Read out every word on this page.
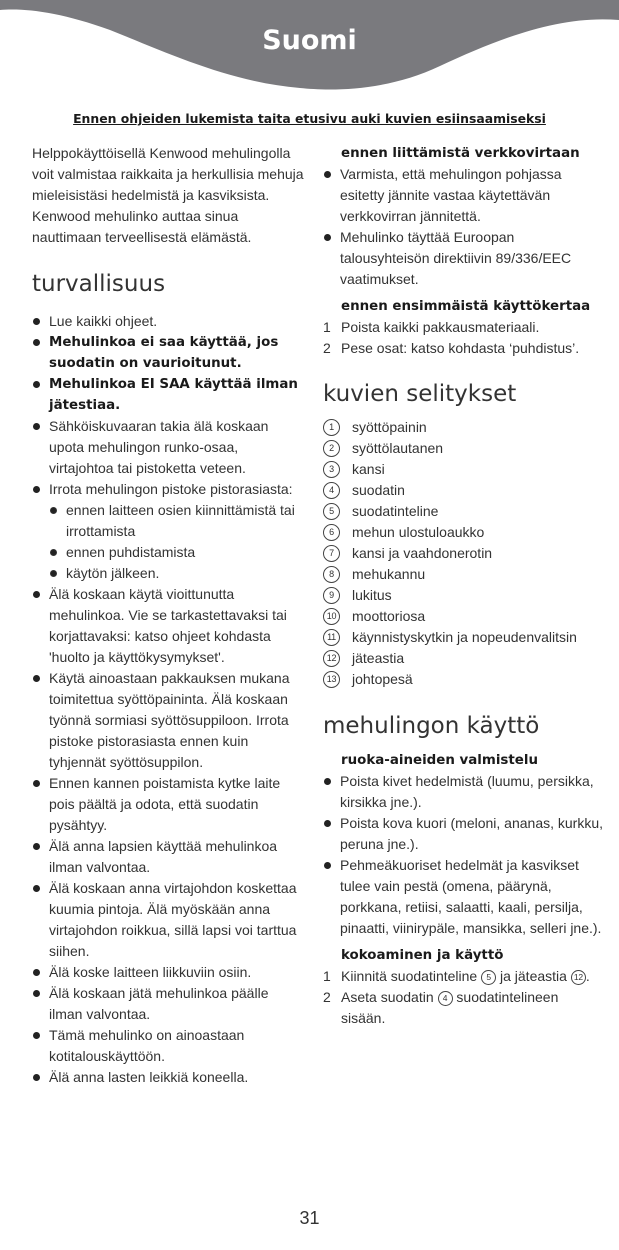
Suomi
Ennen ohjeiden lukemista taita etusivu auki kuvien esiinsaamiseksi

Helppokäyttöisellä Kenwood mehulingolla voit valmistaa raikkaita ja herkullisia mehuja mieleisistäsi hedelmistä ja kasviksista. Kenwood mehulinko auttaa sinua nauttimaan terveellisestä elämästä.

turvallisuus
Lue kaikki ohjeet.
Mehulinkoa ei saa käyttää, jos suodatin on vaurioitunut.
Mehulinkoa EI SAA käyttää ilman jätestiaa.
Sähköiskuvaaran takia älä koskaan upota mehulingon runko-osaa, virtajohtoa tai pistoketta veteen.
Irrota mehulingon pistoke pistorasiasta:
ennen laitteen osien kiinnittämistä tai irrottamista
ennen puhdistamista
käytön jälkeen.
Älä koskaan käytä vioittunutta mehulinkoa. Vie se tarkastettavaksi tai korjattavaksi: katso ohjeet kohdasta 'huolto ja käyttökysymykset'.
Käytä ainoastaan pakkauksen mukana toimitettua syöttöpaininta. Älä koskaan työnnä sormiasi syöttösuppiloon. Irrota pistoke pistorasiasta ennen kuin tyhjennät syöttösuppilon.
Ennen kannen poistamista kytke laite pois päältä ja odota, että suodatin pysähtyy.
Älä anna lapsien käyttää mehulinkoa ilman valvontaa.
Älä koskaan anna virtajohdon koskettaa kuumia pintoja. Älä myöskään anna virtajohdon roikkua, sillä lapsi voi tarttua siihen.
Älä koske laitteen liikkuviin osiin.
Älä koskaan jätä mehulinkoa päälle ilman valvontaa.
Tämä mehulinko on ainoastaan kotitalouskäyttöön.
Älä anna lasten leikkiä koneella.
ennen liittämistä verkkovirtaan
Varmista, että mehulingon pohjassa esitetty jännite vastaa käytettävän verkkovirran jännitettä.
Mehulinko täyttää Euroopan talousyhteisön direktiivin 89/336/EEC vaatimukset.
ennen ensimmäistä käyttökertaa
1 Poista kaikki pakkausmateriaali.
2 Pese osat: katso kohdasta ‘puhdistus’.
kuvien selitykset
1	syöttöpainin
2	syöttölautanen
3	kansi
4	suodatin
5	suodatinteline
6	mehun ulostuloaukko
7	kansi ja vaahdonerotin
8	mehukannu
9	lukitus
10 moottoriosa
11 käynnistyskytkin ja nopeudenvalitsin
12 jäteastia
13 johtopesä
mehulingon käyttö
ruoka-aineiden valmistelu
Poista kivet hedelmistä (luumu, persikka, kirsikka jne.).
Poista kova kuori (meloni, ananas, kurkku, peruna jne.).
Pehmeäkuoriset hedelmät ja kasvikset tulee vain pestä (omena, päärynä, porkkana, retiisi, salaatti, kaali, persilja, pinaatti, viinirypäle, mansikka, selleri jne.).
kokoaminen ja käyttö
1 Kiinnitä suodatinteline 5 ja jäteastia 12 .
2 Aseta suodatin 4 suodatintelineen sisään.
31
